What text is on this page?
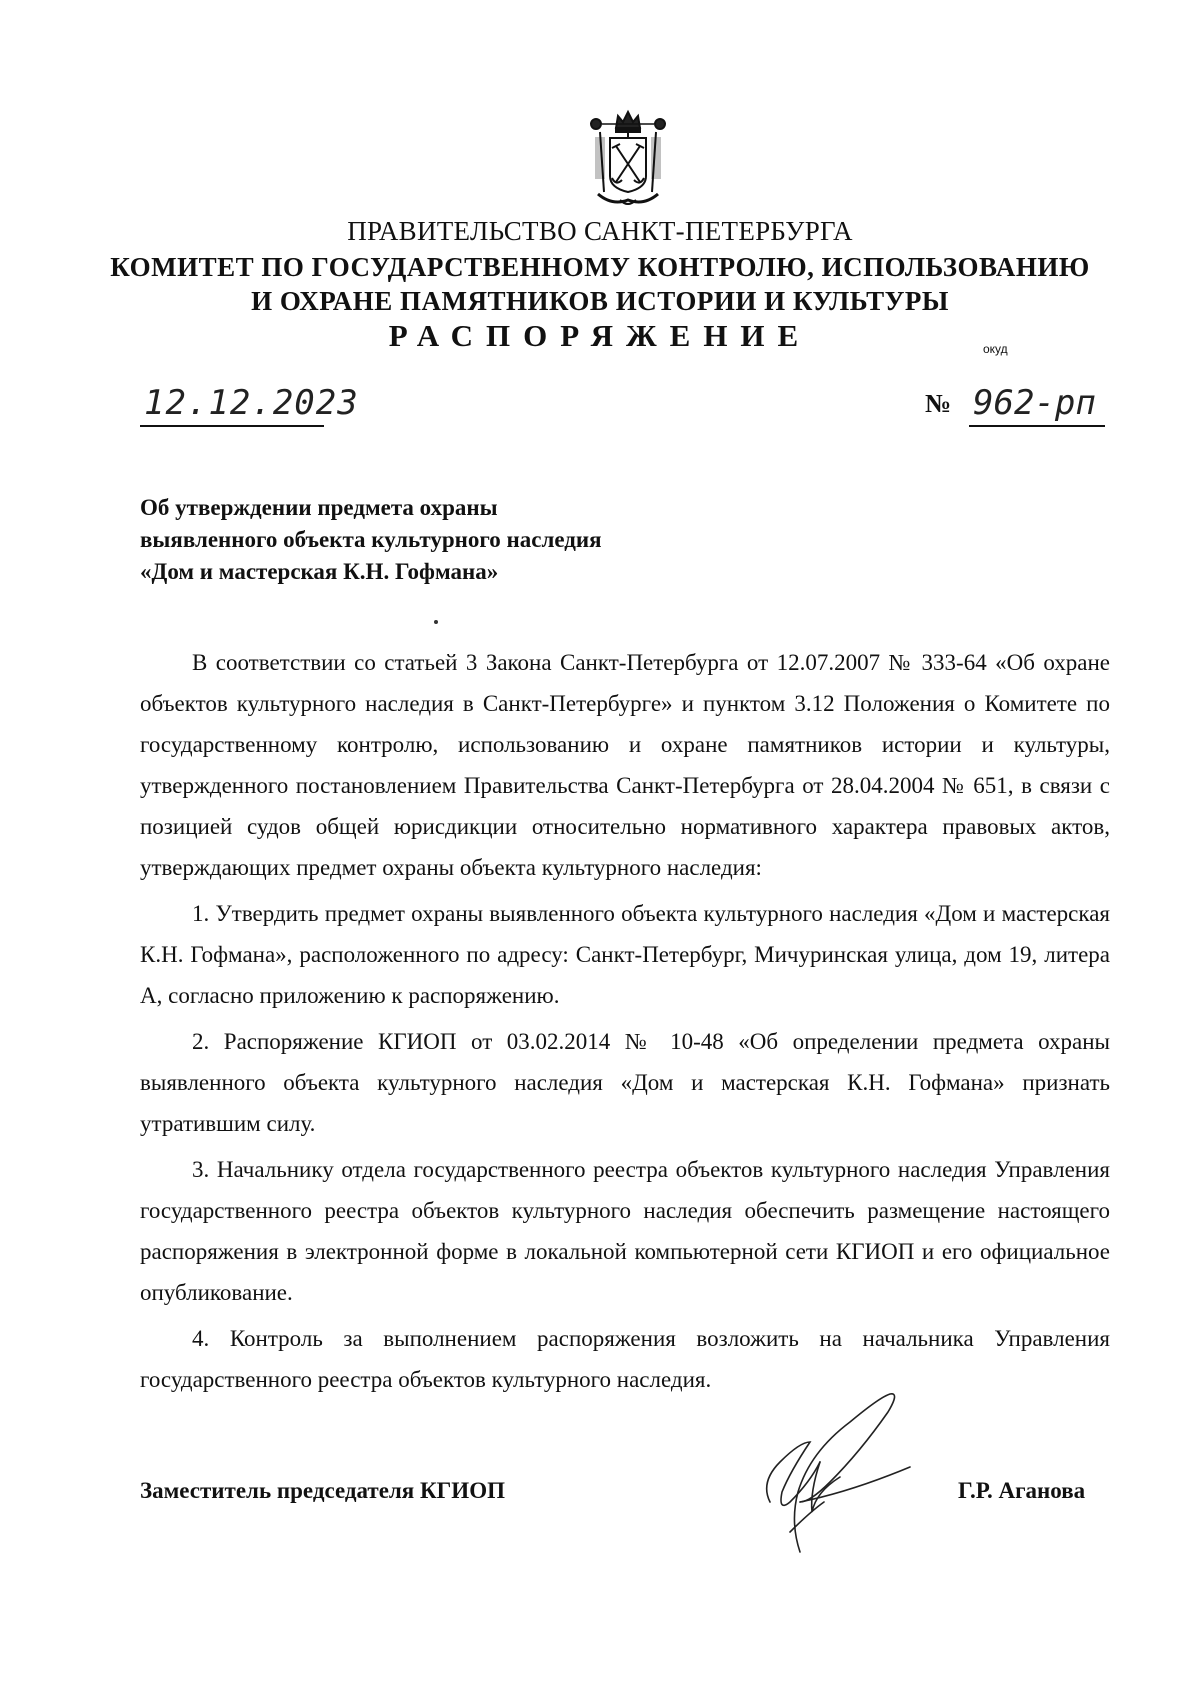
ПРАВИТЕЛЬСТВО САНКТ-ПЕТЕРБУРГА
КОМИТЕТ ПО ГОСУДАРСТВЕННОМУ КОНТРОЛЮ, ИСПОЛЬЗОВАНИЮ
И ОХРАНЕ ПАМЯТНИКОВ ИСТОРИИ И КУЛЬТУРЫ
РАСПОРЯЖЕНИЕ	окуд
12.12.2023	№ 962-рп
Об утверждении предмета охраны
выявленного объекта культурного наследия
«Дом и мастерская К.Н. Гофмана»

В соответствии со статьей 3 Закона Санкт-Петербурга от 12.07.2007 № 333-64 «Об охране объектов культурного наследия в Санкт-Петербурге» и пунктом 3.12 Положения о Комитете по государственному контролю, использованию и охране памятников истории и культуры, утвержденного постановлением Правительства Санкт-Петербурга от 28.04.2004 № 651, в связи с позицией судов общей юрисдикции относительно нормативного характера правовых актов, утверждающих предмет охраны объекта культурного наследия:

1. Утвердить предмет охраны выявленного объекта культурного наследия «Дом и мастерская К.Н. Гофмана», расположенного по адресу: Санкт-Петербург, Мичуринская улица, дом 19, литера А, согласно приложению к распоряжению.

2. Распоряжение КГИОП от 03.02.2014 № 10-48 «Об определении предмета охраны выявленного объекта культурного наследия «Дом и мастерская К.Н. Гофмана» признать утратившим силу.

3. Начальнику отдела государственного реестра объектов культурного наследия Управления государственного реестра объектов культурного наследия обеспечить размещение настоящего распоряжения в электронной форме в локальной компьютерной сети КГИОП и его официальное опубликование.

4. Контроль за выполнением распоряжения возложить на начальника Управления государственного реестра объектов культурного наследия.

Заместитель председателя КГИОП	Г.Р. Аганова
